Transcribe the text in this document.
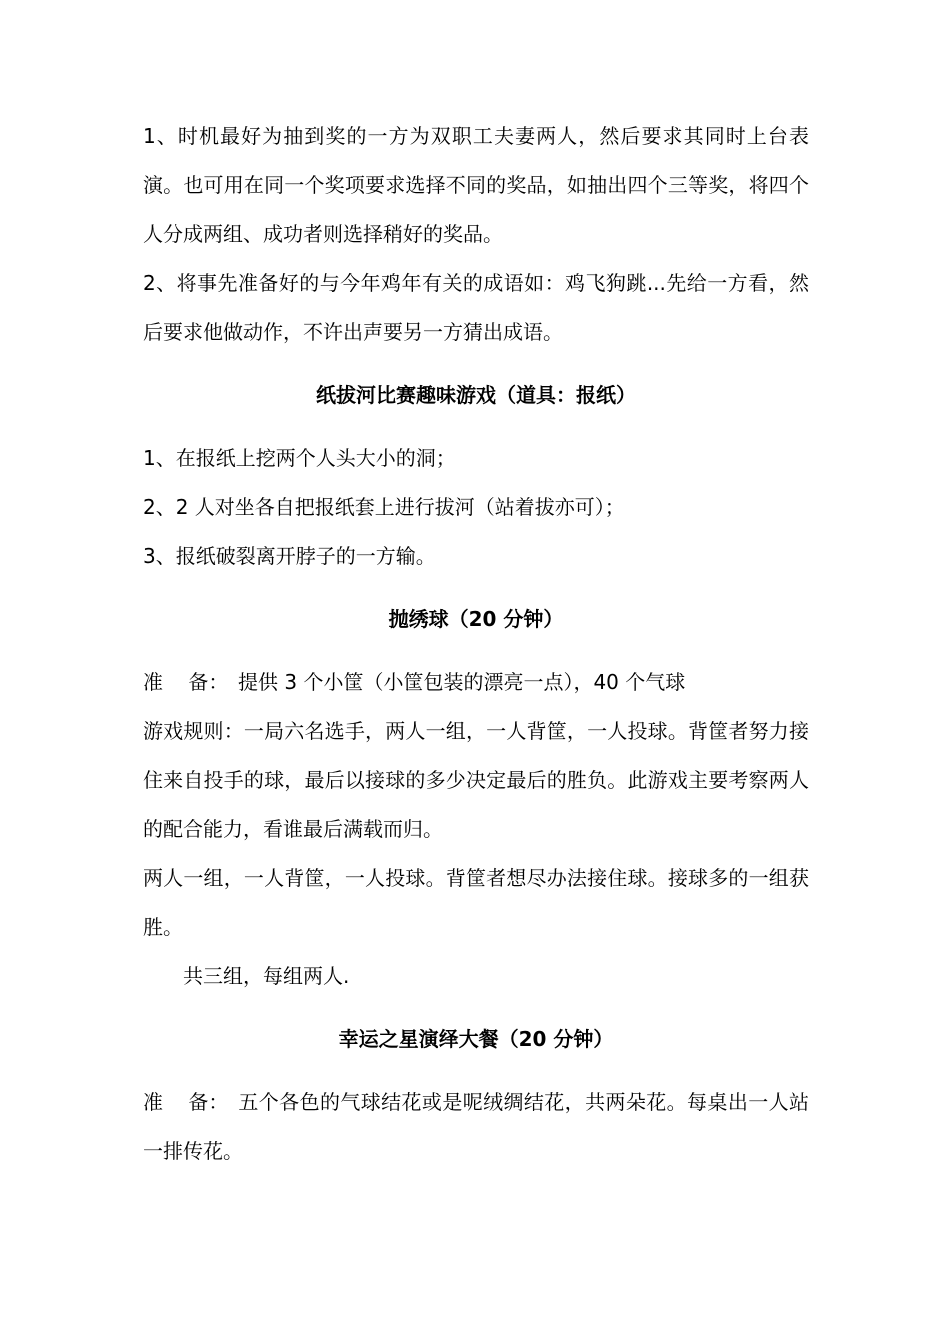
1、时机最好为抽到奖的一方为双职工夫妻两人，然后要求其同时上台表演。也可用在同一个奖项要求选择不同的奖品，如抽出四个三等奖，将四个人分成两组、成功者则选择稍好的奖品。

2、将事先准备好的与今年鸡年有关的成语如：鸡飞狗跳...先给一方看，然后要求他做动作，不许出声要另一方猜出成语。

纸拔河比赛趣味游戏（道具：报纸）

1、在报纸上挖两个人头大小的洞；

2、2 人对坐各自把报纸套上进行拔河（站着拔亦可）；

3、报纸破裂离开脖子的一方输。

抛绣球（20 分钟）

准    备： 提供 3 个小筐（小筐包装的漂亮一点），40 个气球

游戏规则：一局六名选手，两人一组，一人背筐，一人投球。背筐者努力接住来自投手的球，最后以接球的多少决定最后的胜负。此游戏主要考察两人的配合能力，看谁最后满载而归。

两人一组，一人背筐，一人投球。背筐者想尽办法接住球。接球多的一组获胜。

共三组，每组两人.

幸运之星演绎大餐（20 分钟）

准    备： 五个各色的气球结花或是呢绒绸结花，共两朵花。每桌出一人站一排传花。
